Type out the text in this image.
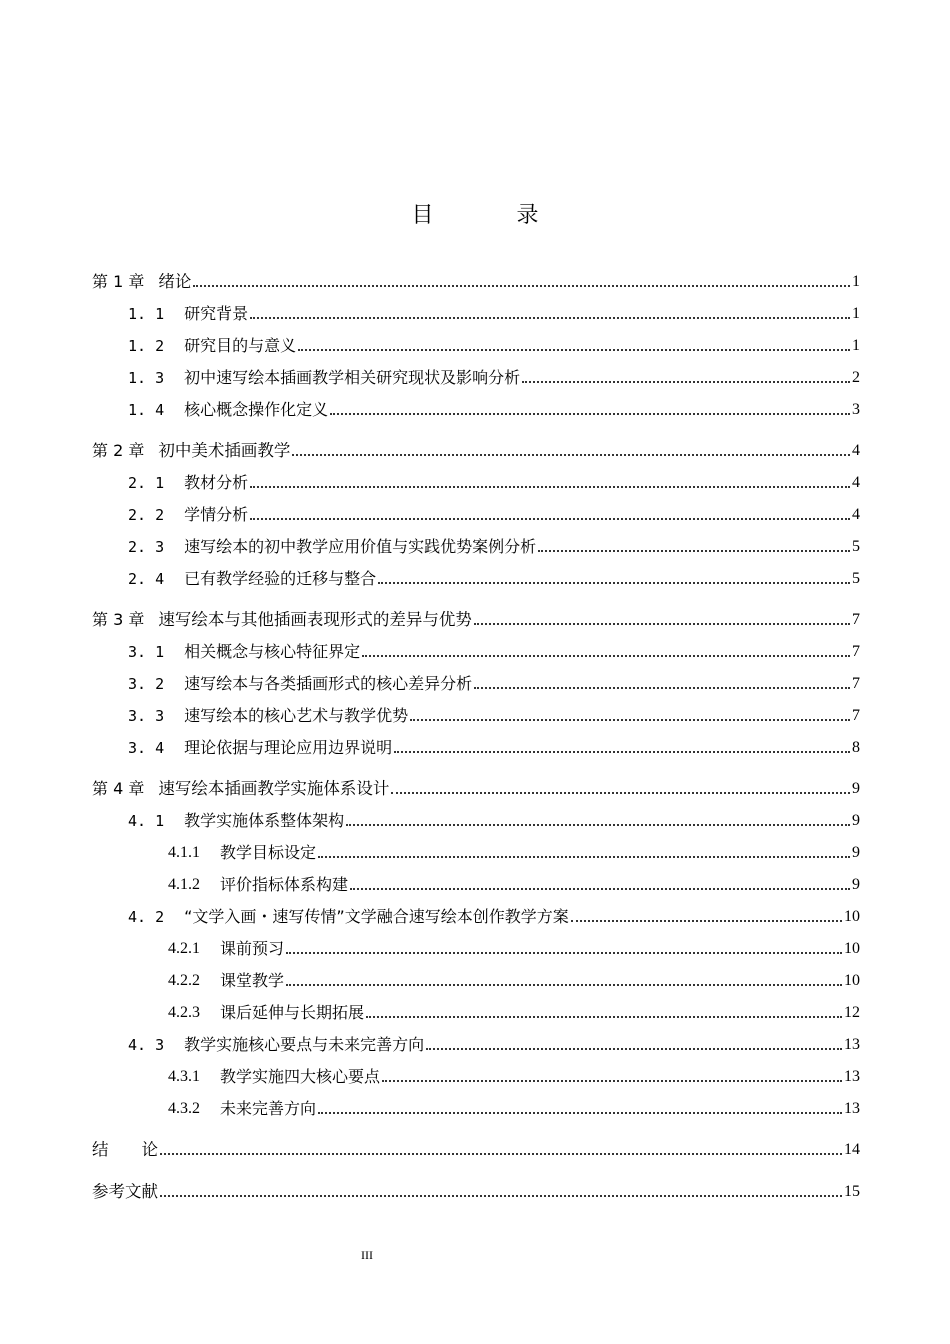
目 录
第 1 章 绪论	1
1. 1 研究背景	1
1. 2 研究目的与意义	1
1. 3 初中速写绘本插画教学相关研究现状及影响分析	2
1. 4 核心概念操作化定义	3
第 2 章 初中美术插画教学	4
2. 1 教材分析	4
2. 2 学情分析	4
2. 3 速写绘本的初中教学应用价值与实践优势案例分析	5
2. 4 已有教学经验的迁移与整合	5
第 3 章 速写绘本与其他插画表现形式的差异与优势	7
3. 1 相关概念与核心特征界定	7
3. 2 速写绘本与各类插画形式的核心差异分析	7
3. 3 速写绘本的核心艺术与教学优势	7
3. 4 理论依据与理论应用边界说明	8
第 4 章 速写绘本插画教学实施体系设计	9
4. 1 教学实施体系整体架构	9
4.1.1 教学目标设定	9
4.1.2 评价指标体系构建	9
4. 2 “文学入画・速写传情”文学融合速写绘本创作教学方案	10
4.2.1 课前预习	10
4.2.2 课堂教学	10
4.2.3 课后延伸与长期拓展	12
4. 3 教学实施核心要点与未来完善方向	13
4.3.1 教学实施四大核心要点	13
4.3.2 未来完善方向	13
结　　论	14
参考文献	15
III
